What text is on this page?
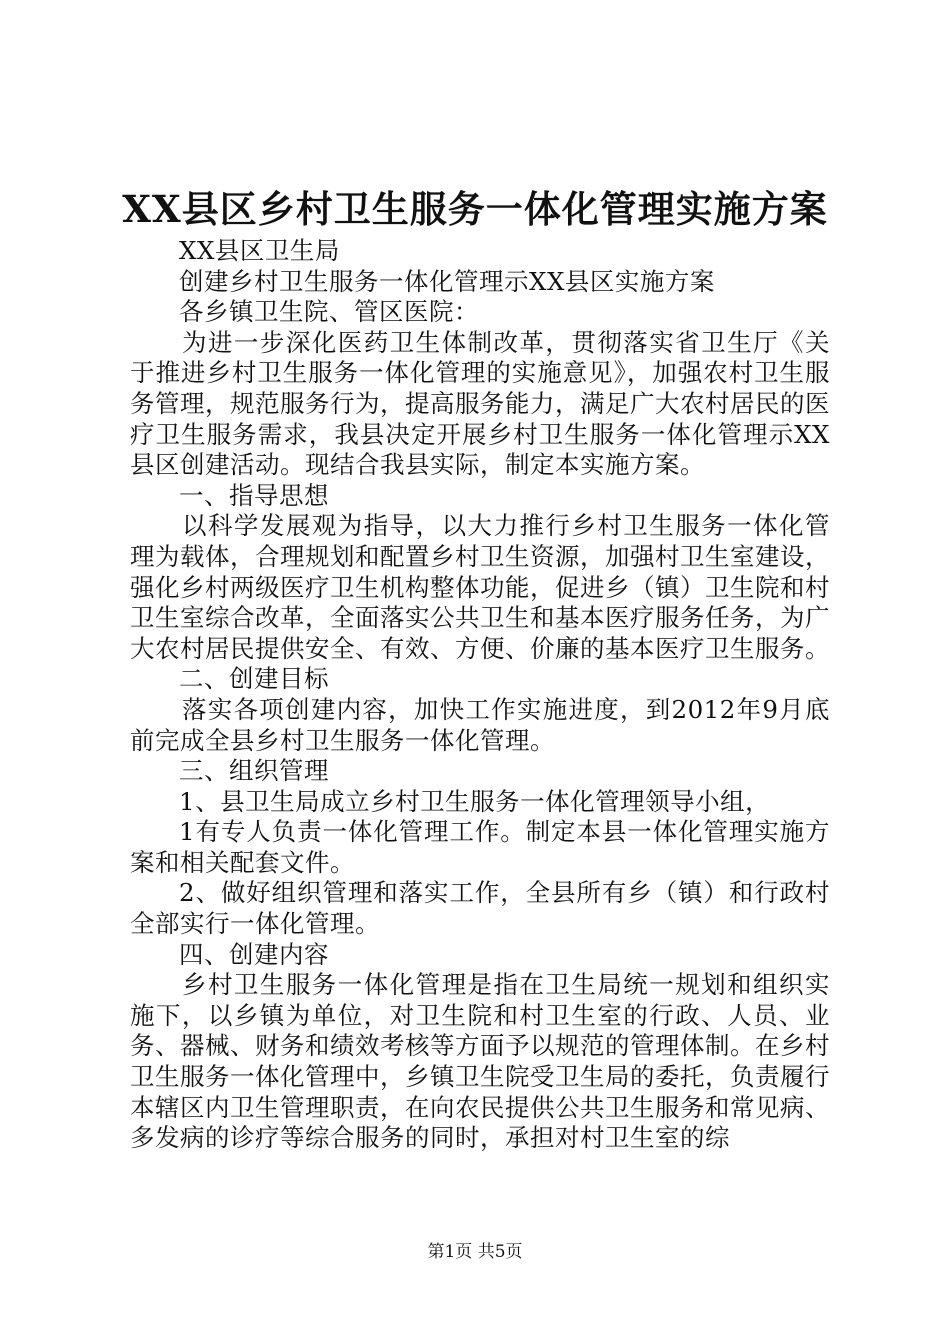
XX县区乡村卫生服务一体化管理实施方案

XX县区卫生局

创建乡村卫生服务一体化管理示XX县区实施方案

各乡镇卫生院、管区医院：

为进一步深化医药卫生体制改革，贯彻落实省卫生厅《关于推进乡村卫生服务一体化管理的实施意见》，加强农村卫生服务管理，规范服务行为，提高服务能力，满足广大农村居民的医疗卫生服务需求，我县决定开展乡村卫生服务一体化管理示XX县区创建活动。现结合我县实际，制定本实施方案。

一、指导思想

以科学发展观为指导，以大力推行乡村卫生服务一体化管理为载体，合理规划和配置乡村卫生资源，加强村卫生室建设，强化乡村两级医疗卫生机构整体功能，促进乡（镇）卫生院和村卫生室综合改革，全面落实公共卫生和基本医疗服务任务，为广大农村居民提供安全、有效、方便、价廉的基本医疗卫生服务。

二、创建目标

落实各项创建内容，加快工作实施进度，到2012年9月底前完成全县乡村卫生服务一体化管理。

三、组织管理

1、县卫生局成立乡村卫生服务一体化管理领导小组，

1有专人负责一体化管理工作。制定本县一体化管理实施方案和相关配套文件。

2、做好组织管理和落实工作，全县所有乡（镇）和行政村全部实行一体化管理。

四、创建内容

乡村卫生服务一体化管理是指在卫生局统一规划和组织实施下，以乡镇为单位，对卫生院和村卫生室的行政、人员、业务、器械、财务和绩效考核等方面予以规范的管理体制。在乡村卫生服务一体化管理中，乡镇卫生院受卫生局的委托，负责履行本辖区内卫生管理职责，在向农民提供公共卫生服务和常见病、多发病的诊疗等综合服务的同时，承担对村卫生室的综

第1页 共5页
